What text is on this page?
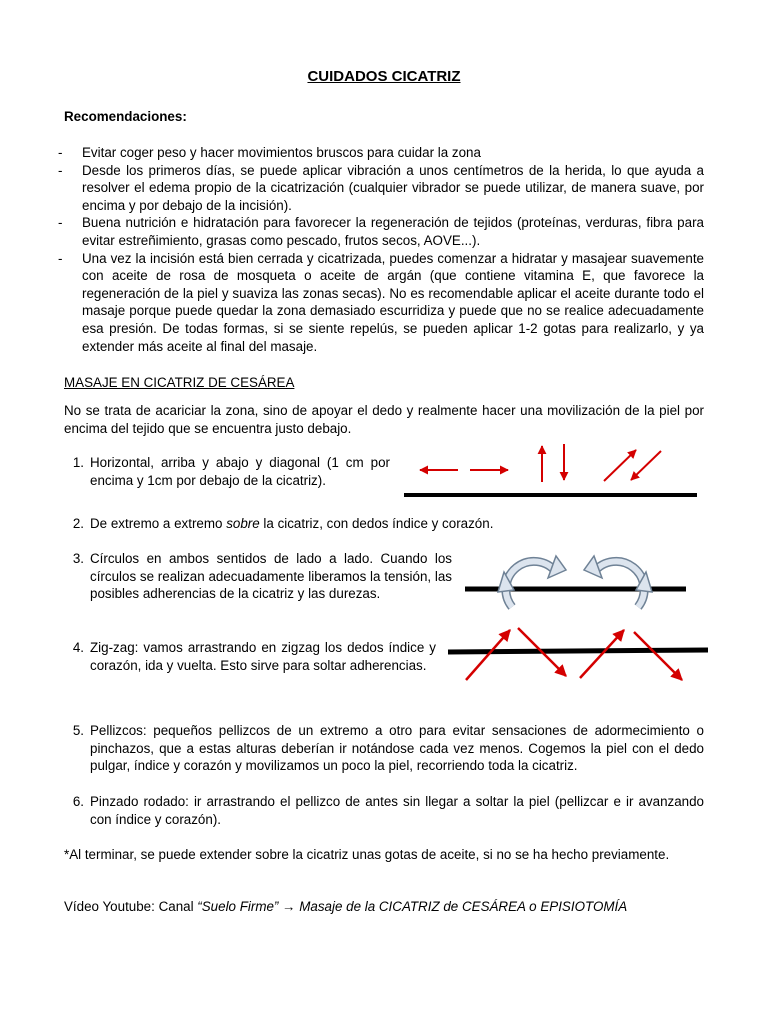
CUIDADOS CICATRIZ
Recomendaciones:
- Evitar coger peso y hacer movimientos bruscos para cuidar la zona
- Desde los primeros días, se puede aplicar vibración a unos centímetros de la herida, lo que ayuda a resolver el edema propio de la cicatrización (cualquier vibrador se puede utilizar, de manera suave, por encima y por debajo de la incisión).
- Buena nutrición e hidratación para favorecer la regeneración de tejidos (proteínas, verduras, fibra para evitar estreñimiento, grasas como pescado, frutos secos, AOVE...).
- Una vez la incisión está bien cerrada y cicatrizada, puedes comenzar a hidratar y masajear suavemente con aceite de rosa de mosqueta o aceite de argán (que contiene vitamina E, que favorece la regeneración de la piel y suaviza las zonas secas). No es recomendable aplicar el aceite durante todo el masaje porque puede quedar la zona demasiado escurridiza y puede que no se realice adecuadamente esa presión. De todas formas, si se siente repelús, se pueden aplicar 1-2 gotas para realizarlo, y ya extender más aceite al final del masaje.
MASAJE EN CICATRIZ DE CESÁREA
No se trata de acariciar la zona, sino de apoyar el dedo y realmente hacer una movilización de la piel por encima del tejido que se encuentra justo debajo.
1. Horizontal, arriba y abajo y diagonal (1 cm por encima y 1cm por debajo de la cicatriz).
2. De extremo a extremo sobre la cicatriz, con dedos índice y corazón.
3. Círculos en ambos sentidos de lado a lado. Cuando los círculos se realizan adecuadamente liberamos la tensión, las posibles adherencias de la cicatriz y las durezas.
4. Zig-zag: vamos arrastrando en zigzag los dedos índice y corazón, ida y vuelta. Esto sirve para soltar adherencias.
5. Pellizcos: pequeños pellizcos de un extremo a otro para evitar sensaciones de adormecimiento o pinchazos, que a estas alturas deberían ir notándose cada vez menos. Cogemos la piel con el dedo pulgar, índice y corazón y movilizamos un poco la piel, recorriendo toda la cicatriz.
6. Pinzado rodado: ir arrastrando el pellizco de antes sin llegar a soltar la piel (pellizcar e ir avanzando con índice y corazón).
*Al terminar, se puede extender sobre la cicatriz unas gotas de aceite, si no se ha hecho previamente.
Vídeo Youtube: Canal “Suelo Firme” → Masaje de la CICATRIZ de CESÁREA o EPISIOTOMÍA
